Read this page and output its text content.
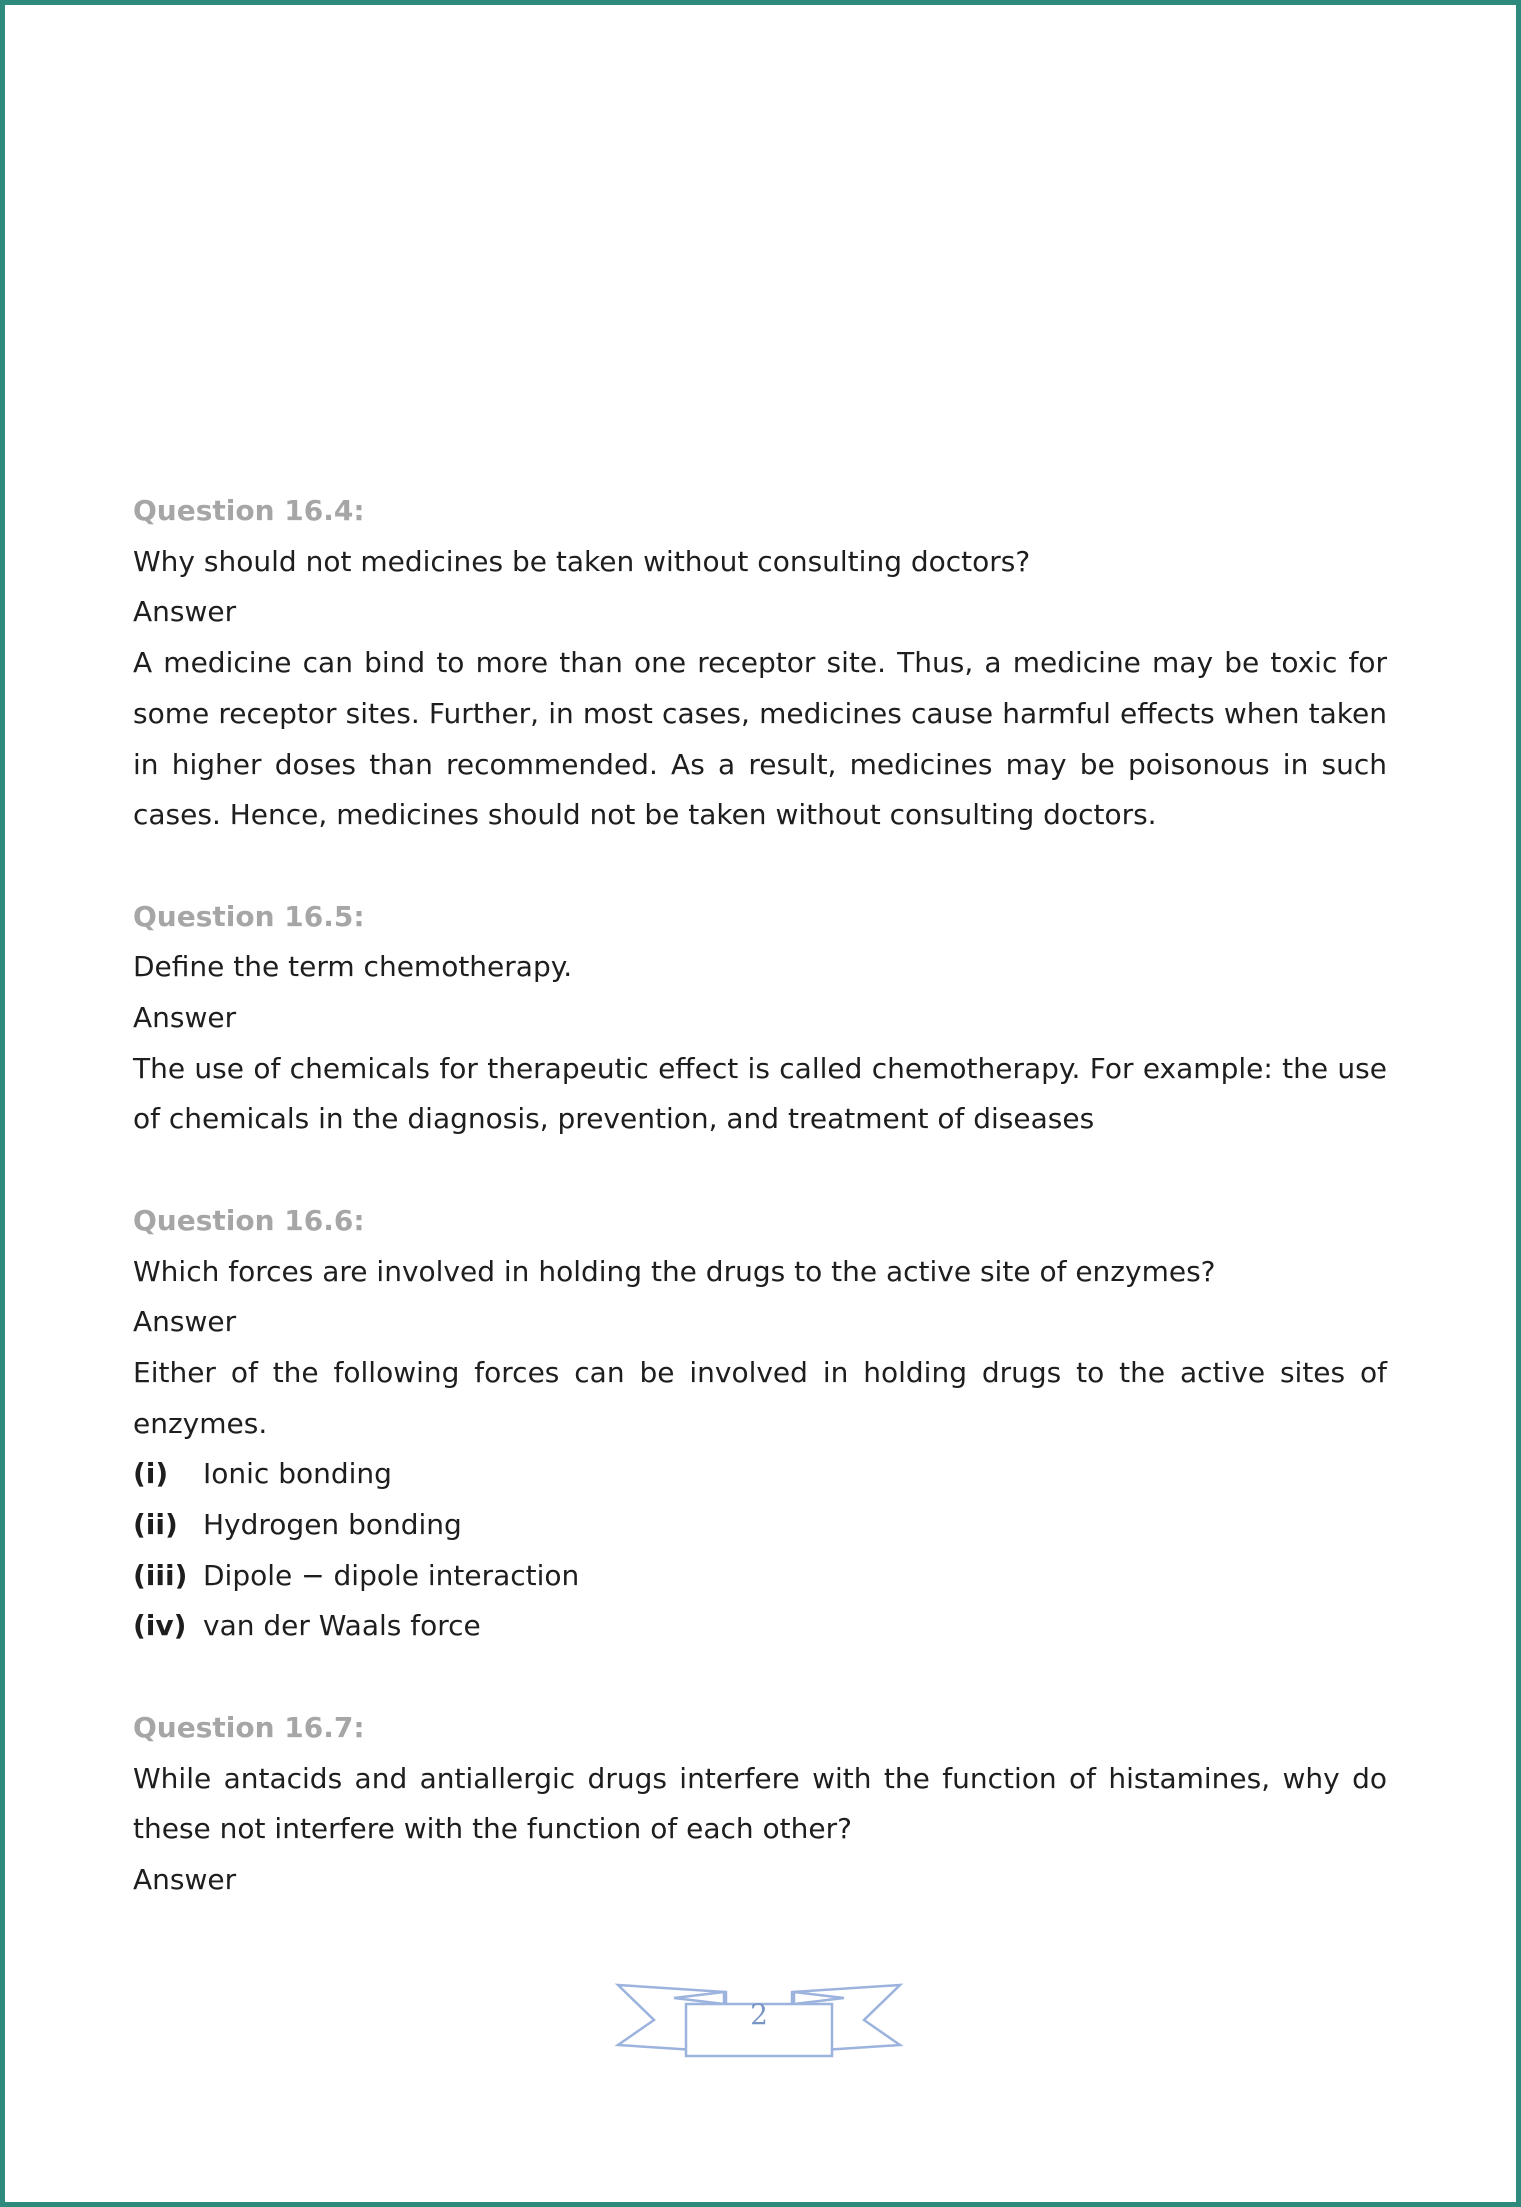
Question 16.4:
Why should not medicines be taken without consulting doctors?
Answer
A medicine can bind to more than one receptor site. Thus, a medicine may be toxic for some receptor sites. Further, in most cases, medicines cause harmful effects when taken in higher doses than recommended. As a result, medicines may be poisonous in such cases. Hence, medicines should not be taken without consulting doctors.
Question 16.5:
Define the term chemotherapy.
Answer
The use of chemicals for therapeutic effect is called chemotherapy. For example: the use of chemicals in the diagnosis, prevention, and treatment of diseases
Question 16.6:
Which forces are involved in holding the drugs to the active site of enzymes?
Answer
Either of the following forces can be involved in holding drugs to the active sites of enzymes.
(i)	Ionic bonding
(ii) Hydrogen bonding
(iii) Dipole − dipole interaction
(iv) van der Waals force
Question 16.7:
While antacids and antiallergic drugs interfere with the function of histamines, why do these not interfere with the function of each other?
Answer
2
